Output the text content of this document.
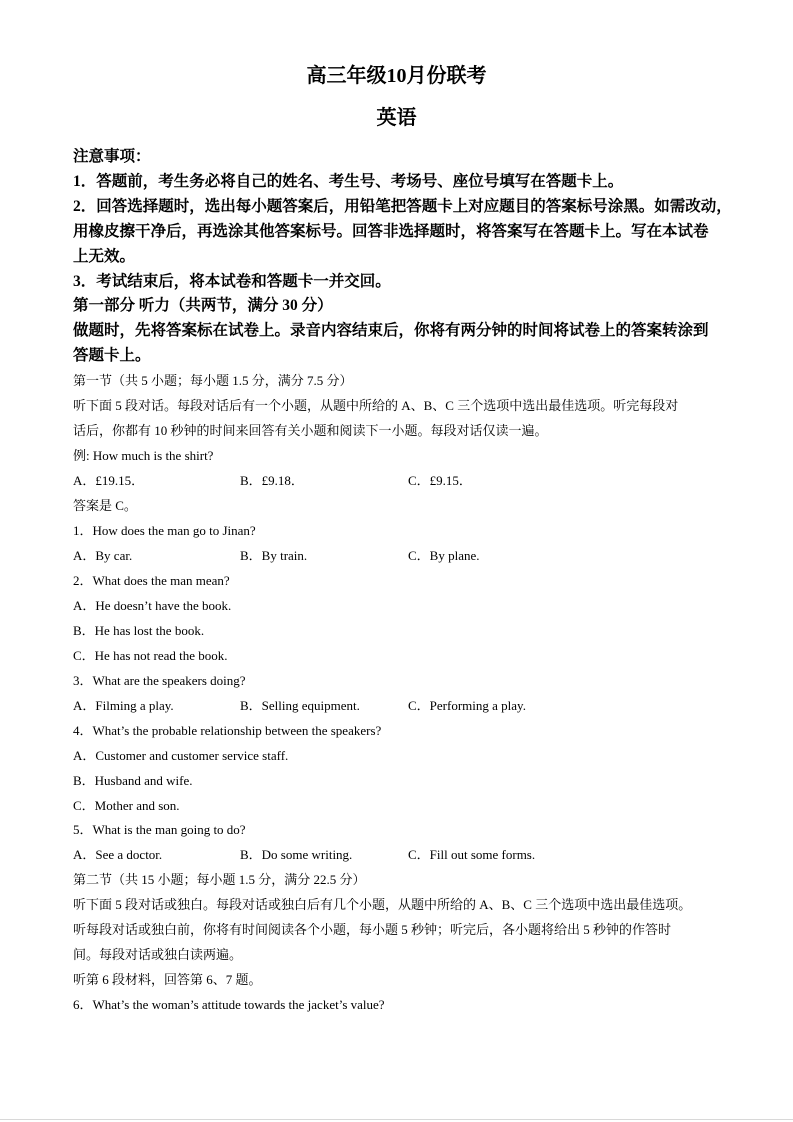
高三年级10月份联考
英语
注意事项：
1．答题前，考生务必将自己的姓名、考生号、考场号、座位号填写在答题卡上。
2．回答选择题时，选出每小题答案后，用铅笔把答题卡上对应题目的答案标号涂黑。如需改动，
用橡皮擦干净后，再选涂其他答案标号。回答非选择题时，将答案写在答题卡上。写在本试卷
上无效。
3．考试结束后，将本试卷和答题卡一并交回。
第一部分 听力（共两节，满分 30 分）
做题时，先将答案标在试卷上。录音内容结束后，你将有两分钟的时间将试卷上的答案转涂到
答题卡上。
第一节（共 5 小题；每小题 1.5 分，满分 7.5 分）
听下面 5 段对话。每段对话后有一个小题，从题中所给的 A、B、C 三个选项中选出最佳选项。听完每段对
话后，你都有 10 秒钟的时间来回答有关小题和阅读下一小题。每段对话仅读一遍。
例: How much is the shirt?
A．£19.15．	B．£9.18．	C．£9.15．
答案是 C。
1．How does the man go to Jinan?
A．By car.	B．By train.	C．By plane.
2．What does the man mean?
A．He doesn’t have the book.
B．He has lost the book.
C．He has not read the book.
3．What are the speakers doing?
A．Filming a play.	B．Selling equipment.	C．Performing a play.
4．What’s the probable relationship between the speakers?
A．Customer and customer service staff.
B．Husband and wife.
C．Mother and son.
5．What is the man going to do?
A．See a doctor.	B．Do some writing.	C．Fill out some forms.
第二节（共 15 小题；每小题 1.5 分，满分 22.5 分）
听下面 5 段对话或独白。每段对话或独白后有几个小题，从题中所给的 A、B、C 三个选项中选出最佳选项。
听每段对话或独白前，你将有时间阅读各个小题，每小题 5 秒钟；听完后，各小题将给出 5 秒钟的作答时
间。每段对话或独白读两遍。
听第 6 段材料，回答第 6、7 题。
6．What’s the woman’s attitude towards the jacket’s value?
